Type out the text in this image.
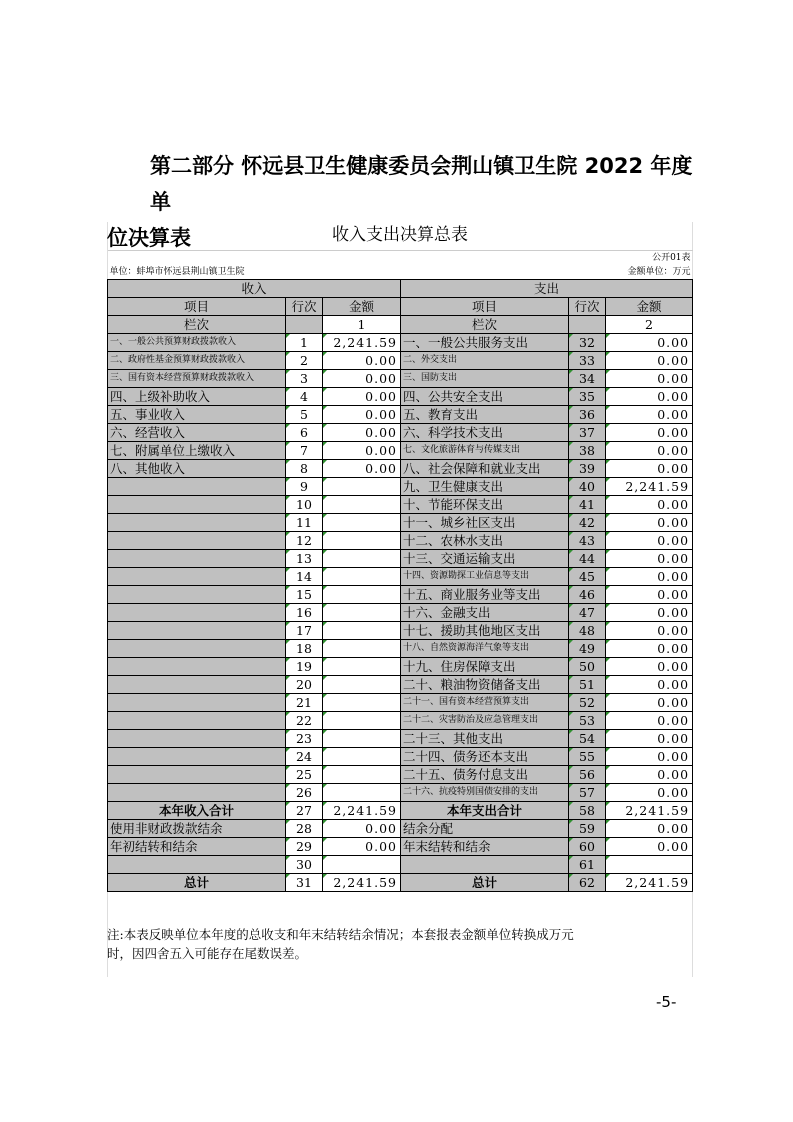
第二部分 怀远县卫生健康委员会荆山镇卫生院 2022 年度单
位决算表	收入支出决算总表					
公开01表					
单位：蚌埠市怀远县荆山镇卫生院			金额单位：万元		
收入			支出		
项目	行次	金额	项目	行次	金额
栏次		1	栏次		2
一、一般公共预算财政拨款收入	1	2,241.59	一、一般公共服务支出	32	0.00
二、政府性基金预算财政拨款收入	2	0.00	二、外交支出	33	0.00
三、国有资本经营预算财政拨款收入	3	0.00	三、国防支出	34	0.00
四、上级补助收入	4	0.00	四、公共安全支出	35	0.00
五、事业收入	5	0.00	五、教育支出	36	0.00
六、经营收入	6	0.00	六、科学技术支出	37	0.00
七、附属单位上缴收入	7	0.00	七、文化旅游体育与传媒支出	38	0.00
八、其他收入	8	0.00	八、社会保障和就业支出	39	0.00
	9		九、卫生健康支出	40	2,241.59
	10		十、节能环保支出	41	0.00
	11		十一、城乡社区支出	42	0.00
	12		十二、农林水支出	43	0.00
	13		十三、交通运输支出	44	0.00
	14		十四、资源勘探工业信息等支出	45	0.00
	15		十五、商业服务业等支出	46	0.00
	16		十六、金融支出	47	0.00
	17		十七、援助其他地区支出	48	0.00
	18		十八、自然资源海洋气象等支出	49	0.00
	19		十九、住房保障支出	50	0.00
	20		二十、粮油物资储备支出	51	0.00
	21		二十一、国有资本经营预算支出	52	0.00
	22		二十二、灾害防治及应急管理支出	53	0.00
	23		二十三、其他支出	54	0.00
	24		二十四、债务还本支出	55	0.00
	25		二十五、债务付息支出	56	0.00
	26		二十六、抗疫特别国债安排的支出	57	0.00
本年收入合计	27	2,241.59	本年支出合计	58	2,241.59
使用非财政拨款结余	28	0.00	结余分配	59	0.00
年初结转和结余	29	0.00	年末结转和结余	60	0.00
	30			61	
总计	31	2,241.59	总计	62	2,241.59
注:本表反映单位本年度的总收支和年末结转结余情况；本套报表金额单位转换成万元
时，因四舍五入可能存在尾数误差。
-5-
